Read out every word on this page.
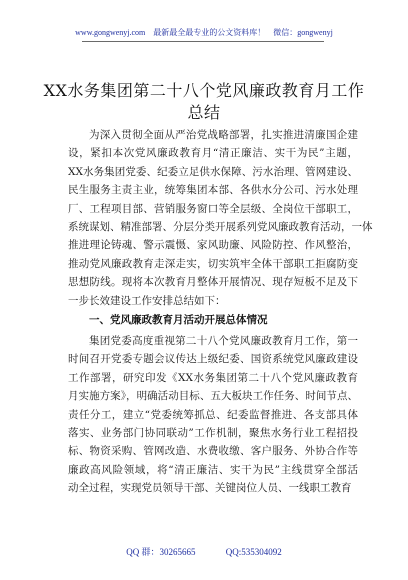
www.gongwenyj.com 最新最全最专业的公文资料库！ 微信：gongwenyj
XX水务集团第二十八个党风廉政教育月工作
总结
为深入贯彻全面从严治党战略部署，扎实推进清廉国企建
设，紧扣本次党风廉政教育月“清正廉洁、实干为民”主题，
XX水务集团党委、纪委立足供水保障、污水治理、管网建设、
民生服务主责主业，统筹集团本部、各供水分公司、污水处理
厂、工程项目部、营销服务窗口等全层级、全岗位干部职工，
系统谋划、精准部署、分层分类开展系列党风廉政教育活动，一体
推进理论铸魂、警示震慑、家风助廉、风险防控、作风整治，
推动党风廉政教育走深走实，切实筑牢全体干部职工拒腐防变
思想防线。现将本次教育月整体开展情况、现存短板不足及下
一步长效建设工作安排总结如下：
一、党风廉政教育月活动开展总体情况
集团党委高度重视第二十八个党风廉政教育月工作，第一
时间召开党委专题会议传达上级纪委、国资系统党风廉政建设
工作部署，研究印发《XX水务集团第二十八个党风廉政教育
月实施方案》，明确活动目标、五大板块工作任务、时间节点、
责任分工，建立“党委统筹抓总、纪委监督推进、各支部具体
落实、业务部门协同联动”工作机制，聚焦水务行业工程招投
标、物资采购、管网改造、水费收缴、客户服务、外协合作等
廉政高风险领域，将“清正廉洁、实干为民”主线贯穿全部活
动全过程，实现党员领导干部、关键岗位人员、一线职工教育
QQ 群：30265665	QQ:535304092
